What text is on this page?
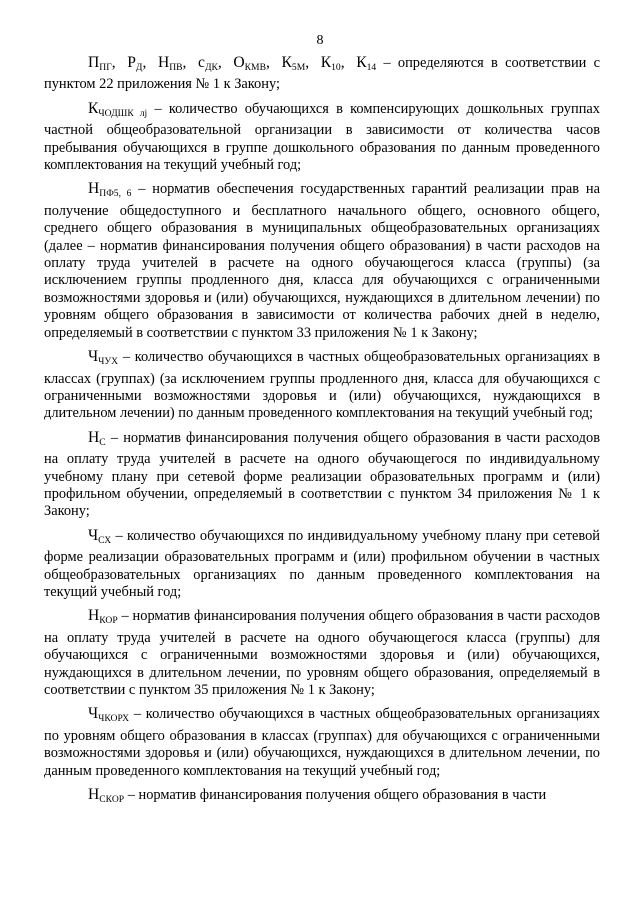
8

$П_{ПГ}$, $Р_Д$, $Н_{ПВ}$, $с_{ДК}$, $О_{КМВ}$, $К_{5М}$, $К_{10}$, $К_{14}$ – определяются в соответствии с пунктом 22 приложения № 1 к Закону;

$К_{ЧОДШК лj}$ – количество обучающихся в компенсирующих дошкольных группах частной общеобразовательной организации в зависимости от количества часов пребывания обучающихся в группе дошкольного образования по данным проведенного комплектования на текущий учебный год;

$Н_{ПФ5, 6}$ – норматив обеспечения государственных гарантий реализации прав на получение общедоступного и бесплатного начального общего, основного общего, среднего общего образования в муниципальных общеобразовательных организациях (далее – норматив финансирования получения общего образования) в части расходов на оплату труда учителей в расчете на одного обучающегося класса (группы) (за исключением группы продленного дня, класса для обучающихся с ограниченными возможностями здоровья и (или) обучающихся, нуждающихся в длительном лечении) по уровням общего образования в зависимости от количества рабочих дней в неделю, определяемый в соответствии с пунктом 33 приложения № 1 к Закону;

$Ч_{ЧУХ}$ – количество обучающихся в частных общеобразовательных организациях в классах (группах) (за исключением группы продленного дня, класса для обучающихся с ограниченными возможностями здоровья и (или) обучающихся, нуждающихся в длительном лечении) по данным проведенного комплектования на текущий учебный год;

$Н_С$ – норматив финансирования получения общего образования в части расходов на оплату труда учителей в расчете на одного обучающегося по индивидуальному учебному плану при сетевой форме реализации образовательных программ и (или) профильном обучении, определяемый в соответствии с пунктом 34 приложения № 1 к Закону;

$Ч_{СХ}$ – количество обучающихся по индивидуальному учебному плану при сетевой форме реализации образовательных программ и (или) профильном обучении в частных общеобразовательных организациях по данным проведенного комплектования на текущий учебный год;

$Н_{КОР}$ – норматив финансирования получения общего образования в части расходов на оплату труда учителей в расчете на одного обучающегося класса (группы) для обучающихся с ограниченными возможностями здоровья и (или) обучающихся, нуждающихся в длительном лечении, по уровням общего образования, определяемый в соответствии с пунктом 35 приложения № 1 к Закону;

$Ч_{ЧКОРХ}$ – количество обучающихся в частных общеобразовательных организациях по уровням общего образования в классах (группах) для обучающихся с ограниченными возможностями здоровья и (или) обучающихся, нуждающихся в длительном лечении, по данным проведенного комплектования на текущий учебный год;

$Н_{СКОР}$ – норматив финансирования получения общего образования в части
